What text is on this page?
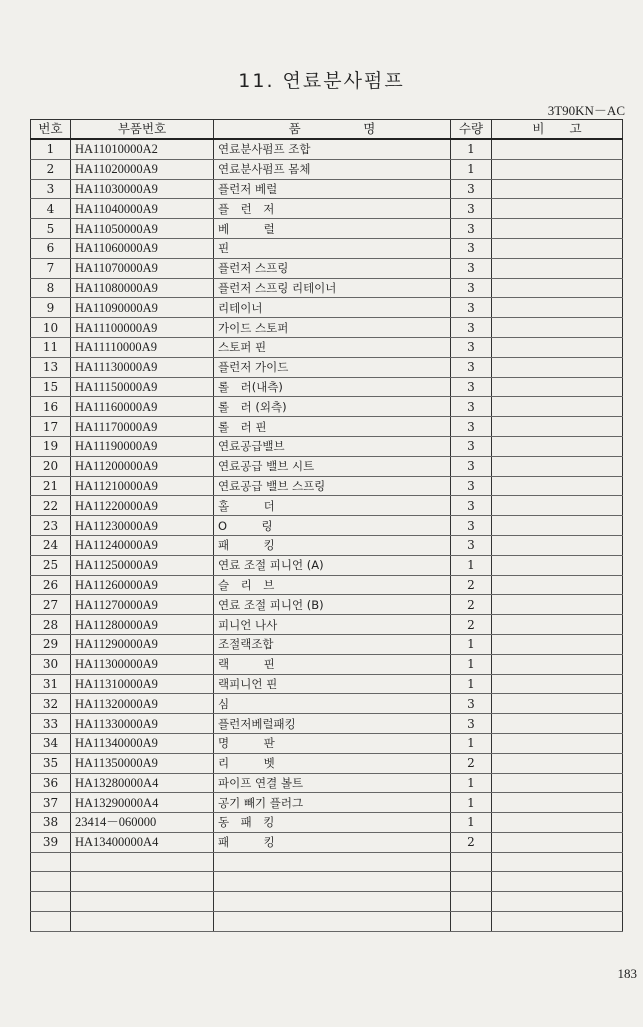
11. 연료분사펌프
3T90KN－AC
번호	부품번호	품　　　　　명	수량	비　　고
1	HA11010000A2	연료분사펌프 조합	1	
2	HA11020000A9	연료분사펌프 몸체	1	
3	HA11030000A9	플런저 베럴	3	
4	HA11040000A9	플　런　저	3	
5	HA11050000A9	베　　　럴	3	
6	HA11060000A9	핀	3	
7	HA11070000A9	플런저 스프링	3	
8	HA11080000A9	플런저 스프링 리테이너	3	
9	HA11090000A9	리테이너	3	
10	HA11100000A9	가이드 스토퍼	3	
11	HA11110000A9	스토퍼 핀	3	
13	HA11130000A9	플런저 가이드	3	
15	HA11150000A9	롤　러(내측)	3	
16	HA11160000A9	롤　러 (외측)	3	
17	HA11170000A9	롤　러 핀	3	
19	HA11190000A9	연료공급밸브	3	
20	HA11200000A9	연료공급 밸브 시트	3	
21	HA11210000A9	연료공급 밸브 스프링	3	
22	HA11220000A9	홀　　　더	3	
23	HA11230000A9	O　　　링	3	
24	HA11240000A9	패　　　킹	3	
25	HA11250000A9	연료 조절 피니언 (A)	1	
26	HA11260000A9	슬　리　브	2	
27	HA11270000A9	연료 조절 피니언 (B)	2	
28	HA11280000A9	피니언 나사	2	
29	HA11290000A9	조절랙조합	1	
30	HA11300000A9	랙　　　핀	1	
31	HA11310000A9	랙피니언 핀	1	
32	HA11320000A9	심	3	
33	HA11330000A9	플런저베럴패킹	3	
34	HA11340000A9	명　　　판	1	
35	HA11350000A9	리　　　벳	2	
36	HA13280000A4	파이프 연결 볼트	1	
37	HA13290000A4	공기 빼기 플러그	1	
38	23414－060000	동　패　킹	1	
39	HA13400000A4	패　　　킹	2	

183
